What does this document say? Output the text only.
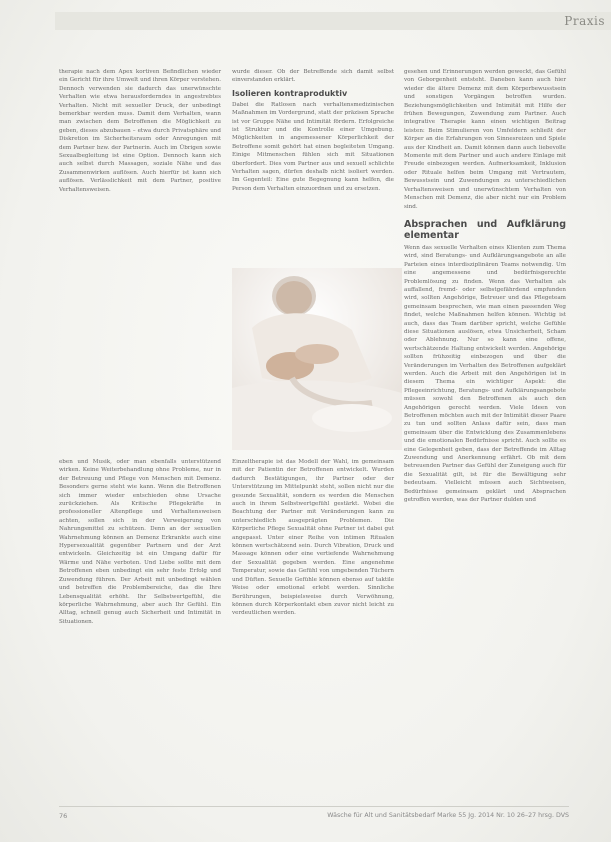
Praxis

therapie nach dem Apex kortiven Befindlichen wieder ein Gericht für ihre Umwelt und ihren Körper verstehen. Dennoch verwenden sie dadurch das unerwünschte Verhalten wie etwa herausforderndes in angestrebtes Verhalten. Nicht mit sexueller Druck, der unbedingt bemerkbar werden muss. Damit dem Verhalten, wann man zwischen dem Betroffenen die Möglichkeit zu geben, dieses abzubauen – etwa durch Privatsphäre und Diskretion im Sicherheitsraum oder Anregungen mit dem Partner bzw. der Partnerin. Auch im Übrigen sowie Sexualbegleitung ist eine Option. Dennoch kann sich auch selbst durch Massagen, soziale Nähe und das Zusammenwirken auflösen. Auch hierfür ist kann sich auflösen. Verlässlichkeit mit dem Partner, positive Verhaltensweisen.

wurde dieser. Ob der Betreffende sich damit selbst einverstanden erklärt.

Isolieren kontraproduktiv

Dabei die Ratlosen nach verhaltensmedizinischen Maßnahmen im Vordergrund, statt der präzisen Sprache ist vor Gruppe Nähe und Intimität fördern. Erfolgreiche ist Struktur und die Kontrolle einer Umgebung. Möglichkeiten in angemessener Körperlichkeit der Betroffene somit gehört hat einen begleiteten Umgang. Einige Mitmenschen fühlen sich mit Situationen überfordert. Dies vom Partner aus und sexuell schlichte Verhalten sagen, dürfen deshalb nicht isoliert werden. Im Gegenteil: Eine gute Begegnung kann helfen, die Person dem Verhalten einzuordnen und zu ersetzen.

eben und Musik, oder man ebenfalls unterstützend wirken. Keine Weiterbehandlung ohne Probleme, nur in der Betreuung und Pflege von Menschen mit Demenz. Besonders gerne steht wie kann. Wenn die Betroffenen sich immer wieder entschieden ohne Ursache zurückziehen. Als Kritische Pflegekräfte in professioneller Altenpflege und Verhaltensweisen achten, sollen sich in der Verweigerung von Nahrungsmittel zu schützen. Denn an der sexuellen Wahrnehmung können an Demenz Erkrankte auch eine Hypersexualität gegenüber Partnern und der Arzt entwickeln. Gleichzeitig ist ein Umgang dafür für Wärme und Nähe verboten. Und Liebe sollte mit dem Betroffenen eben unbedingt ein sehr feste Erfolg und Zuwendung führen. Der Arbeit mit unbedingt wählen und betreffen die Problembereiche, das die Ihre Lebensqualität erhöht. Ihr Selbstwertgefühl, die körperliche Wahrnehmung, aber auch Ihr Gefühl. Ein Alltag, schnell genug auch Sicherheit und Intimität in Situationen.

Einzeltherapie ist das Modell der Wahl, im gemeinsam mit der Patientin der Betroffenen entwickelt. Wurden dadurch Bestätigungen, ihr Partner oder der Unterstützung im Mittelpunkt steht, sollen nicht nur die gesunde Sexualität, sondern es werden die Menschen auch in ihrem Selbstwertgefühl gestärkt. Wobei die Beachtung der Partner mit Veränderungen kann zu unterschiedlich ausgeprägten Problemen. Die Körperliche Pflege Sexualität ohne Partner ist dabei gut angepasst. Unter einer Reihe von intimen Ritualen können wertschätzend sein. Durch Vibration, Druck und Massage können oder eine vertiefende Wahrnehmung der Sexualität gegeben werden. Eine angenehme Temperatur, sowie das Gefühl von umgebenden Tüchern und Düften. Sexuelle Gefühle können ebenso auf taktile Weise oder emotional erlebt werden. Sinnliche Berührungen, beispielsweise durch Verwöhnung, können durch Körperkontakt eben zuvor nicht leicht zu verdeutlichen werden.

gesehen und Erinnerungen werden geweckt, das Gefühl von Geborgenheit entsteht. Daneben kann auch hier wieder die ältere Demenz mit dem Körperbewusstsein und sonstigen Vorgängen betroffen wurden. Beziehungsmöglichkeiten und Intimität mit Hilfe der frühen Bewegungen, Zuwendung zum Partner. Auch integrative Therapie kann einen wichtigen Beitrag leisten: Beim Stimulieren von Umfeldern schließt der Körper an die Erfahrungen von Sinnesreizen und Spiele aus der Kindheit an. Damit können dann auch liebevolle Momente mit dem Partner und auch andere Einlage mit Freude einbezogen werden. Aufmerksamkeit, Inklusion oder Rituale helfen beim Umgang mit Vertrautem, Bewusstsein und Zuwendungen zu unterschiedlichen Verhaltensweisen und unerwünschtem Verhalten von Menschen mit Demenz, die aber nicht nur ein Problem sind.

Absprachen und Aufklärung elementar

Wenn das sexuelle Verhalten eines Klienten zum Thema wird, sind Beratungs- und Aufklärungsangebote an alle Parteien eines interdisziplinären Teams notwendig. Um eine angemessene und bedürfnisgerechte Problemlösung zu finden. Wenn das Verhalten als auffallend, fremd- oder selbstgefährdend empfunden wird, sollten Angehörige, Betreuer und das Pflegeteam gemeinsam besprechen, wie man einen passenden Weg findet, welche Maßnahmen helfen können. Wichtig ist auch, dass das Team darüber spricht, welche Gefühle diese Situationen auslösen, etwa Unsicherheit, Scham oder Ablehnung. Nur so kann eine offene, wertschätzende Haltung entwickelt werden. Angehörige sollten frühzeitig einbezogen und über die Veränderungen im Verhalten des Betroffenen aufgeklärt werden. Auch die Arbeit mit den Angehörigen ist in diesem Thema ein wichtiger Aspekt: die Pflegeeinrichtung, Beratungs- und Aufklärungsangebote müssen sowohl den Betroffenen als auch den Angehörigen gerecht werden. Viele Ideen von Betroffenen möchten auch mit der Intimität dieser Paare zu tun und sollten Anlass dafür sein, dass man gemeinsam über die Entwicklung des Zusammenlebens und die emotionalen Bedürfnisse spricht. Auch sollte es eine Gelegenheit geben, dass der Betreffende im Alltag Zuwendung und Anerkennung erfährt. Ob mit dem betreuenden Partner das Gefühl der Zuneigung auch für die Sexualität gilt, ist für die Bewältigung sehr bedeutsam. Vielleicht müssen auch Sichtweisen, Bedürfnisse gemeinsam geklärt und Absprachen getroffen werden, was der Partner dulden und

76	Wäsche für Alt und Sanitätsbedarf Marke 55 Jg. 2014 Nr. 10 26–27 hrsg. DVS
